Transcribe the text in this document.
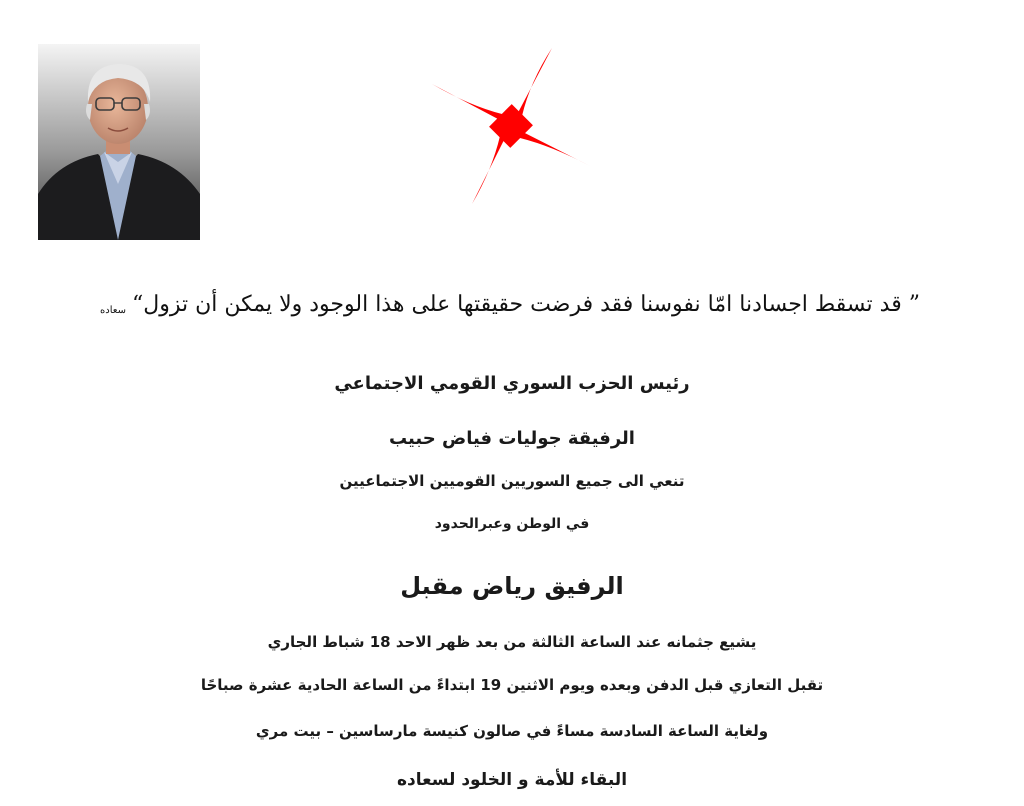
” قد تسقط اجسادنا امّا نفوسنا فقد فرضت حقيقتها على هذا الوجود ولا يمكن أن تزول“سعاده
رئيس الحزب السوري القومي الاجتماعي
الرفيقة جوليات فياض حبيب
تنعي الى جميع السوريين القوميين الاجتماعيين
في الوطن وعبرالحدود
الرفيق رياض مقبل
يشيع جثمانه عند الساعة الثالثة من بعد ظهر الاحد 18 شباط الجاري
تقبل التعازي قبل الدفن وبعده ويوم الاثنين 19 ابتداءً من الساعة الحادية عشرة صباحًا
ولغاية الساعة السادسة مساءً في صالون كنيسة مارساسين – بيت مري
البقاء للأمة و الخلود لسعاده
